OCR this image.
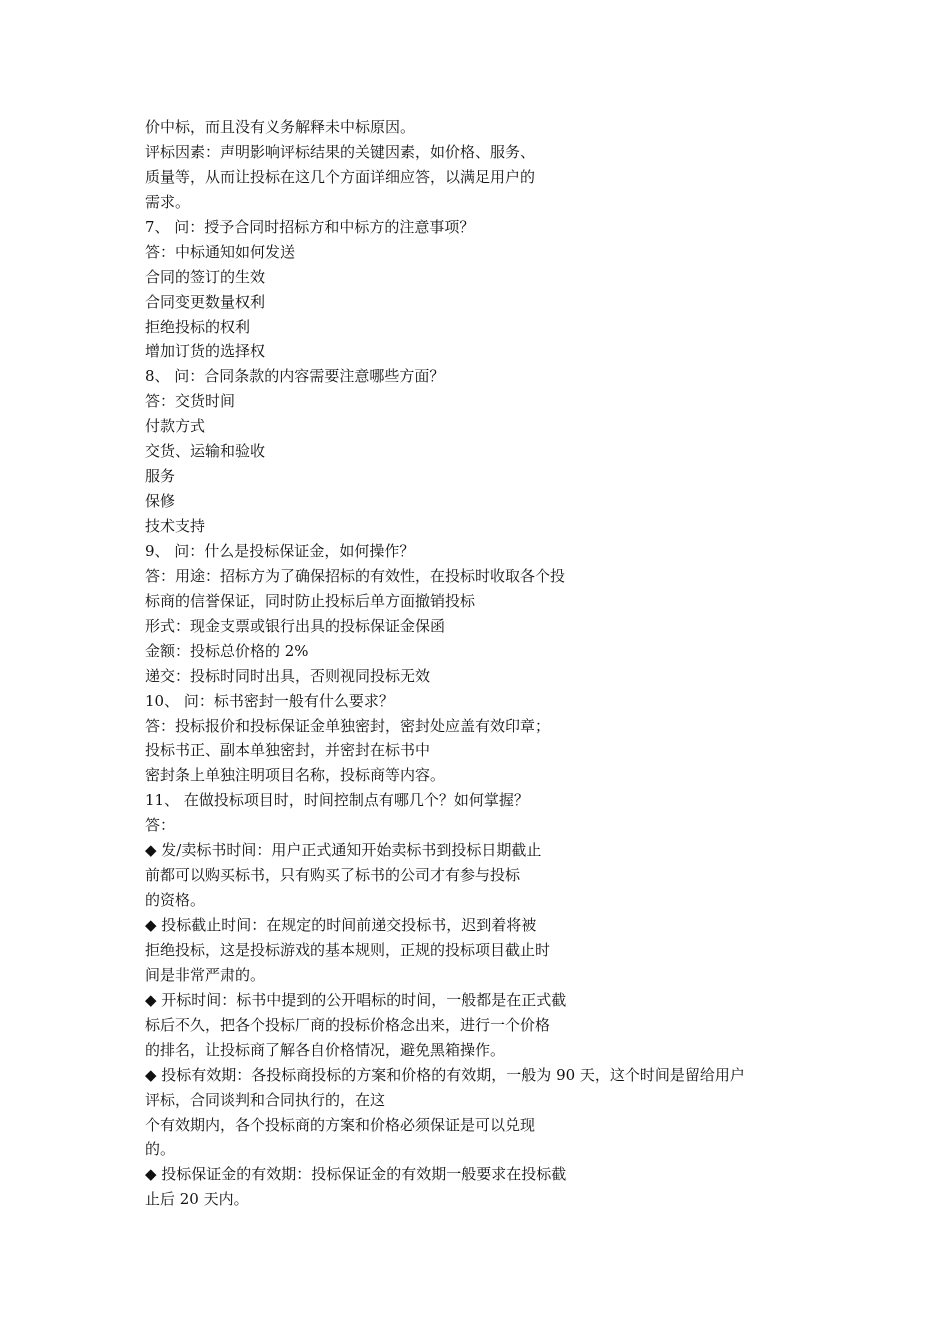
价中标，而且没有义务解释未中标原因。
评标因素：声明影响评标结果的关键因素，如价格、服务、
质量等，从而让投标在这几个方面详细应答，以满足用户的
需求。
7、 问：授予合同时招标方和中标方的注意事项？
答：中标通知如何发送
合同的签订的生效
合同变更数量权利
拒绝投标的权利
增加订货的选择权
8、 问：合同条款的内容需要注意哪些方面？
答：交货时间
付款方式
交货、运输和验收
服务
保修
技术支持
9、 问：什么是投标保证金，如何操作？
答：用途：招标方为了确保招标的有效性，在投标时收取各个投
标商的信誉保证，同时防止投标后单方面撤销投标
形式：现金支票或银行出具的投标保证金保函
金额：投标总价格的 2%
递交：投标时同时出具，否则视同投标无效
10、 问：标书密封一般有什么要求？
答：投标报价和投标保证金单独密封，密封处应盖有效印章；
投标书正、副本单独密封，并密封在标书中
密封条上单独注明项目名称，投标商等内容。
11、 在做投标项目时，时间控制点有哪几个？如何掌握？
答：
◆ 发/卖标书时间：用户正式通知开始卖标书到投标日期截止
前都可以购买标书，只有购买了标书的公司才有参与投标
的资格。
◆ 投标截止时间：在规定的时间前递交投标书，迟到着将被
拒绝投标，这是投标游戏的基本规则，正规的投标项目截止时
间是非常严肃的。
◆ 开标时间：标书中提到的公开唱标的时间，一般都是在正式截
标后不久，把各个投标厂商的投标价格念出来，进行一个价格
的排名，让投标商了解各自价格情况，避免黑箱操作。
◆ 投标有效期：各投标商投标的方案和价格的有效期，一般为 90 天，这个时间是留给用户
评标，合同谈判和合同执行的，在这
个有效期内，各个投标商的方案和价格必须保证是可以兑现
的。
◆ 投标保证金的有效期：投标保证金的有效期一般要求在投标截
止后 20 天内。
